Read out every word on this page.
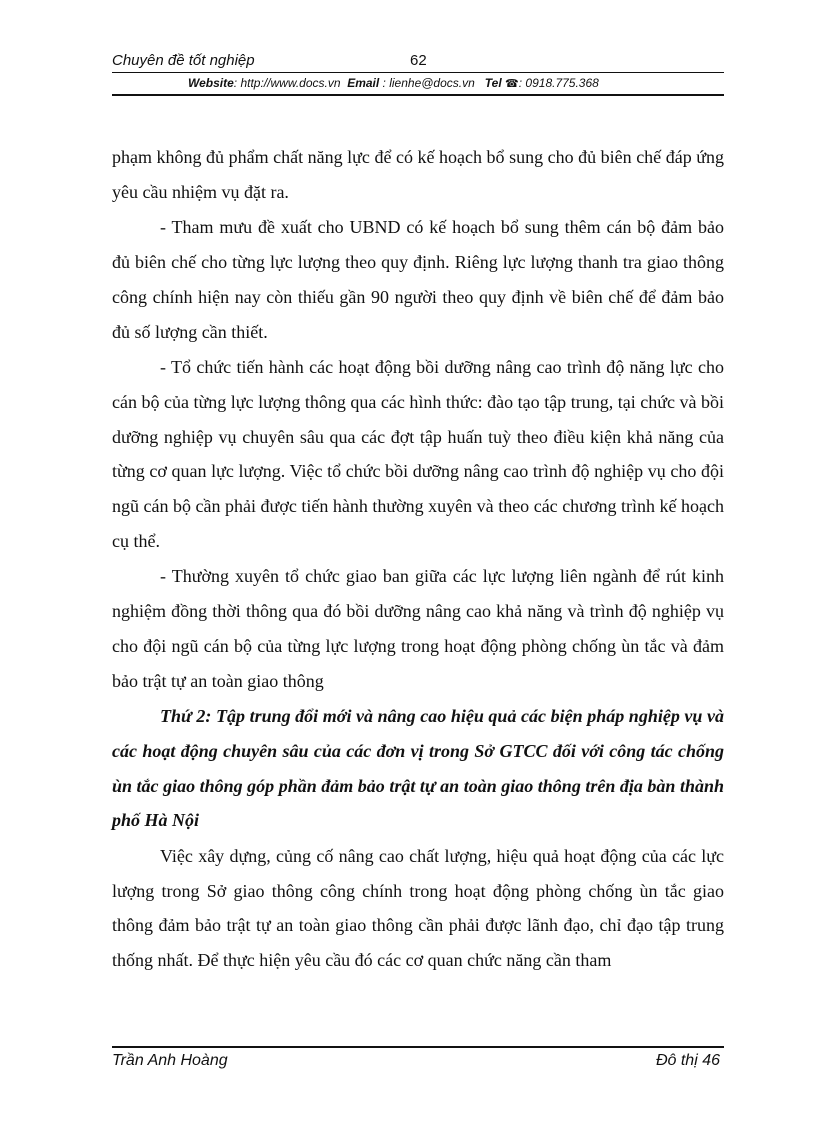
Chuyên đề tốt nghiệp	62
Website: http://www.docs.vn Email : lienhe@docs.vn Tel ☎: 0918.775.368

phạm không đủ phẩm chất năng lực để có kế hoạch bổ sung cho đủ biên chế đáp ứng yêu cầu nhiệm vụ đặt ra.

- Tham mưu đề xuất cho UBND có kế hoạch bổ sung thêm cán bộ đảm bảo đủ biên chế cho từng lực lượng theo quy định. Riêng lực lượng thanh tra giao thông công chính hiện nay còn thiếu gần 90 người theo quy định về biên chế để đảm bảo đủ số lượng cần thiết.

- Tổ chức tiến hành các hoạt động bồi dưỡng nâng cao trình độ năng lực cho cán bộ của từng lực lượng thông qua các hình thức: đào tạo tập trung, tại chức và bồi dưỡng nghiệp vụ chuyên sâu qua các đợt tập huấn tuỳ theo điều kiện khả năng của từng cơ quan lực lượng. Việc tổ chức bồi dưỡng nâng cao trình độ nghiệp vụ cho đội ngũ cán bộ cần phải được tiến hành thường xuyên và theo các chương trình kế hoạch cụ thể.

- Thường xuyên tổ chức giao ban giữa các lực lượng liên ngành để rút kinh nghiệm đồng thời thông qua đó bồi dưỡng nâng cao khả năng và trình độ nghiệp vụ cho đội ngũ cán bộ của từng lực lượng trong hoạt động phòng chống ùn tắc và đảm bảo trật tự an toàn giao thông

Thứ 2: Tập trung đổi mới và nâng cao hiệu quả các biện pháp nghiệp vụ và các hoạt động chuyên sâu của các đơn vị trong Sở GTCC đối với công tác chống ùn tắc giao thông góp phần đảm bảo trật tự an toàn giao thông trên địa bàn thành phố Hà Nội

Việc xây dựng, củng cố nâng cao chất lượng, hiệu quả hoạt động của các lực lượng trong Sở giao thông công chính trong hoạt động phòng chống ùn tắc giao thông đảm bảo trật tự an toàn giao thông cần phải được lãnh đạo, chỉ đạo tập trung thống nhất. Để thực hiện yêu cầu đó các cơ quan chức năng cần tham

Trần Anh Hoàng	Đô thị 46
